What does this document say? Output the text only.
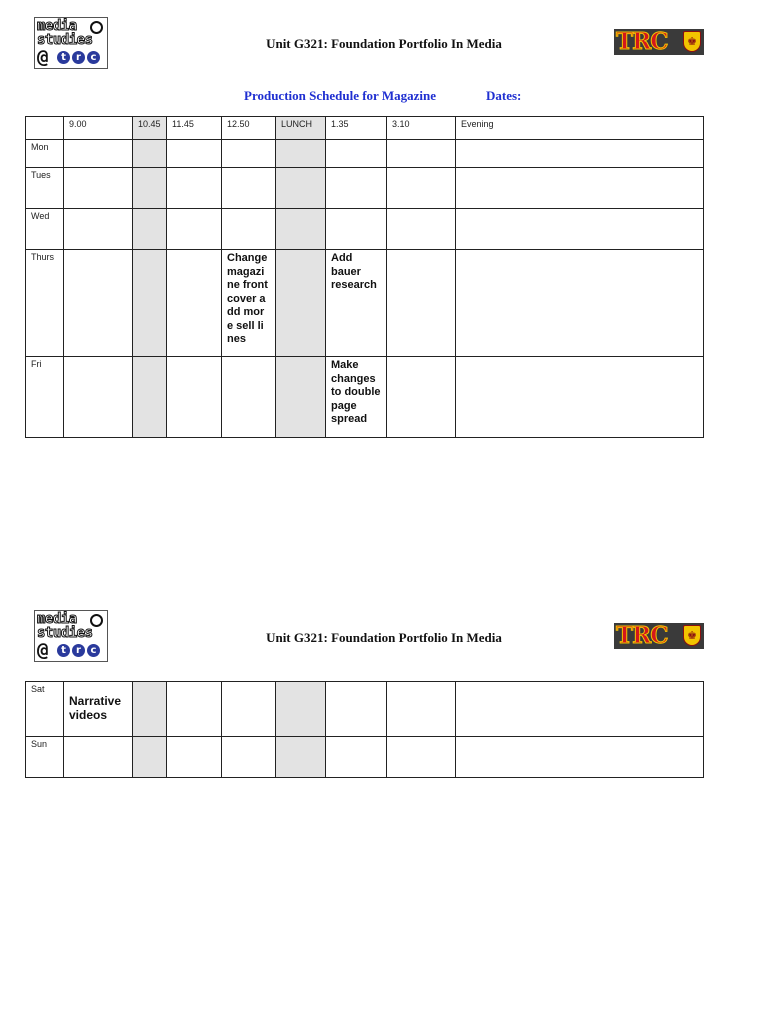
media
studies
@	t	r c
Unit G321: Foundation Portfolio In Media	TRC	♚
Production Schedule for Magazine	Dates:
	9.00	10.45	11.45	12.50	LUNCH	1.35	3.10	Evening
Mon								
Tues								
Wed								
Thurs				Change magazine front cover add more sell lines		Add bauer research		
Fri						Make changes to double page spread		
media
studies
@	t	r c
Unit G321: Foundation Portfolio In Media	TRC	♚
Sat	Narrative videos							
Sun								
